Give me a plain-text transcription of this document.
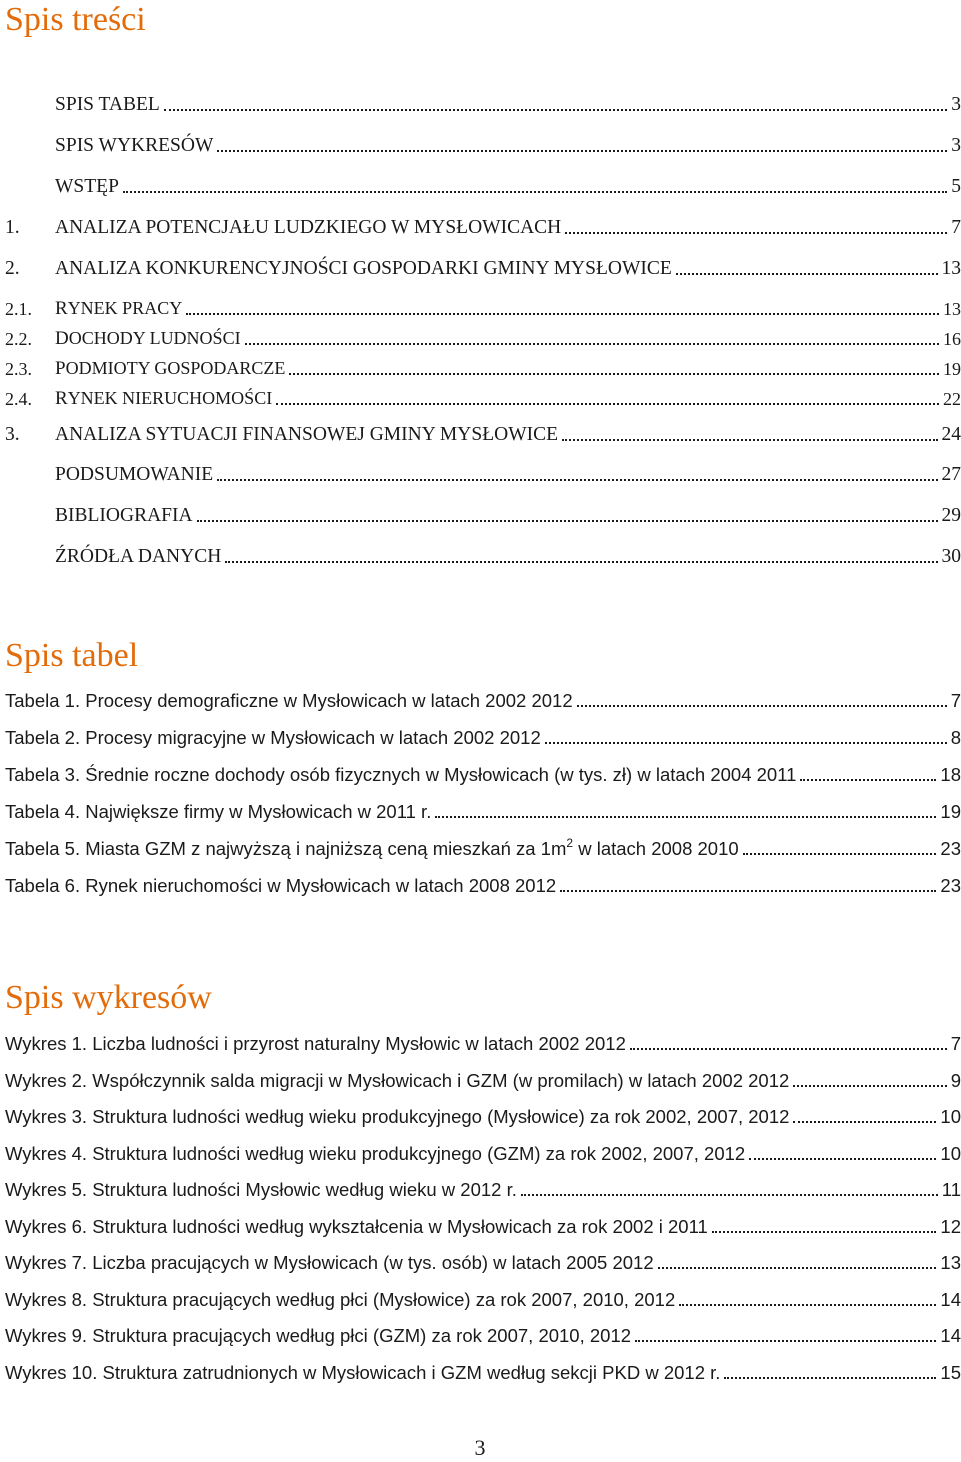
Spis treści
SPIS TABEL	3
SPIS WYKRESÓW	3
WSTĘP	5
1.	ANALIZA POTENCJAŁU LUDZKIEGO W MYSŁOWICACH	7
2.	ANALIZA KONKURENCYJNOŚCI GOSPODARKI GMINY MYSŁOWICE	13
2.1.	RYNEK PRACY	13
2.2.	DOCHODY LUDNOŚCI	16
2.3.	PODMIOTY GOSPODARCZE	19
2.4.	RYNEK NIERUCHOMOŚCI	22
3.	ANALIZA SYTUACJI FINANSOWEJ GMINY MYSŁOWICE	24
PODSUMOWANIE	27
BIBLIOGRAFIA	29
ŹRÓDŁA DANYCH	30
Spis tabel
Tabela 1. Procesy demograficzne w Mysłowicach w latach 2002 2012	7
Tabela 2. Procesy migracyjne w Mysłowicach w latach 2002 2012	8
Tabela 3. Średnie roczne dochody osób fizycznych w Mysłowicach (w tys. zł) w latach 2004 2011	18
Tabela 4. Największe firmy w Mysłowicach w 2011 r.	19
Tabela 5. Miasta GZM z najwyższą i najniższą ceną mieszkań za $1m^2$ w latach 2008 2010	23
Tabela 6. Rynek nieruchomości w Mysłowicach w latach 2008 2012	23
Spis wykresów
Wykres 1. Liczba ludności i przyrost naturalny Mysłowic w latach 2002 2012	7
Wykres 2. Współczynnik salda migracji w Mysłowicach i GZM (w promilach) w latach 2002 2012	9
Wykres 3. Struktura ludności według wieku produkcyjnego (Mysłowice) za rok 2002, 2007, 2012	10
Wykres 4. Struktura ludności według wieku produkcyjnego (GZM) za rok 2002, 2007, 2012	10
Wykres 5. Struktura ludności Mysłowic według wieku w 2012 r.	11
Wykres 6. Struktura ludności według wykształcenia w Mysłowicach za rok 2002 i 2011	12
Wykres 7. Liczba pracujących w Mysłowicach (w tys. osób) w latach 2005 2012	13
Wykres 8. Struktura pracujących według płci (Mysłowice) za rok 2007, 2010, 2012	14
Wykres 9. Struktura pracujących według płci (GZM) za rok 2007, 2010, 2012	14
Wykres 10. Struktura zatrudnionych w Mysłowicach i GZM według sekcji PKD w 2012 r.	15
3
